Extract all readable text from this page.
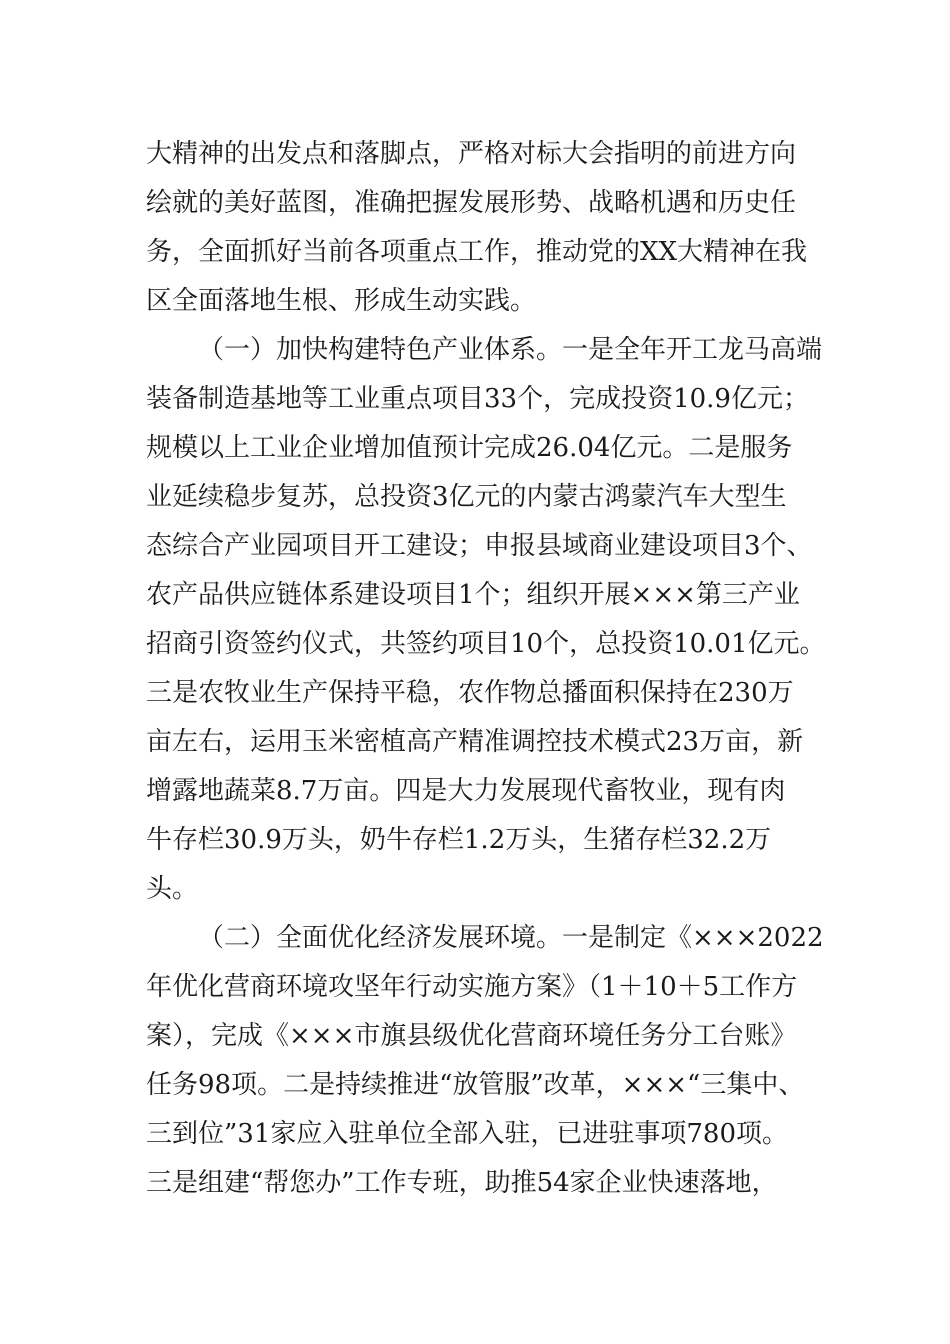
大精神的出发点和落脚点，严格对标大会指明的前进方向

绘就的美好蓝图，准确把握发展形势、战略机遇和历史任

务，全面抓好当前各项重点工作，推动党的XX大精神在我

区全面落地生根、形成生动实践。

（一）加快构建特色产业体系。一是全年开工龙马高端

装备制造基地等工业重点项目33个，完成投资10.9亿元；

规模以上工业企业增加值预计完成26.04亿元。二是服务

业延续稳步复苏，总投资3亿元的内蒙古鸿蒙汽车大型生

态综合产业园项目开工建设；申报县域商业建设项目3个、

农产品供应链体系建设项目1个；组织开展×××第三产业

招商引资签约仪式，共签约项目10个，总投资10.01亿元。

三是农牧业生产保持平稳，农作物总播面积保持在230万

亩左右，运用玉米密植高产精准调控技术模式23万亩，新

增露地蔬菜8.7万亩。四是大力发展现代畜牧业，现有肉

牛存栏30.9万头，奶牛存栏1.2万头，生猪存栏32.2万

头。

（二）全面优化经济发展环境。一是制定《×××2022

年优化营商环境攻坚年行动实施方案》（1＋10＋5工作方

案），完成《×××市旗县级优化营商环境任务分工台账》

任务98项。二是持续推进“放管服”改革，×××“三集中、

三到位”31家应入驻单位全部入驻，已进驻事项780项。

三是组建“帮您办”工作专班，助推54家企业快速落地，
